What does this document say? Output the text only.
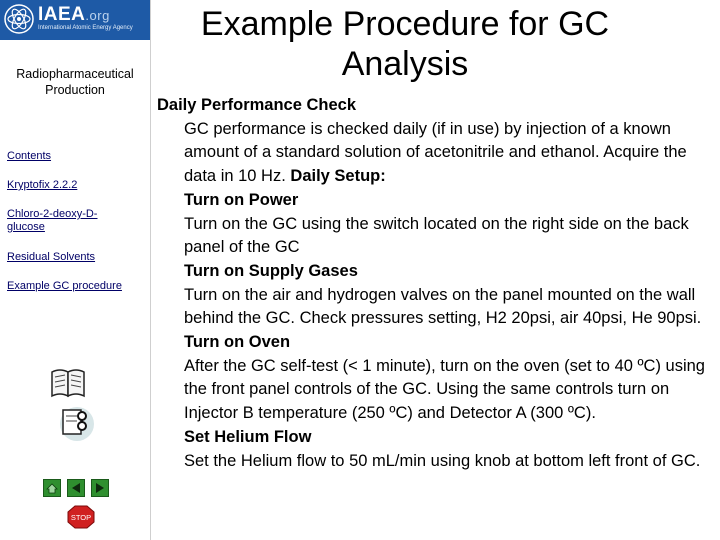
IAEA.org
International Atomic Energy Agency
Radiopharmaceutical
Production
Contents
Kryptofix 2.2.2
Chloro-2-deoxy-D-glucose
Residual Solvents
Example GC procedure
STOP
Example Procedure for GC
Analysis

Daily Performance Check

GC performance is checked daily (if in use) by injection of a known amount of a standard solution of acetonitrile and ethanol. Acquire the data in 10 Hz. Daily Setup:

Turn on Power

Turn on the GC using the switch located on the right side on the back panel of the GC

Turn on Supply Gases

Turn on the air and hydrogen valves on the panel mounted on the wall behind the GC. Check pressures setting, H2 20psi, air 40psi, He 90psi.

Turn on Oven

After the GC self-test (< 1 minute), turn on the oven (set to 40 ºC) using the front panel controls of the GC. Using the same controls turn on Injector B temperature (250 ºC) and Detector A (300 ºC).

Set Helium Flow

Set the Helium flow to 50 mL/min using knob at bottom left front of GC.
